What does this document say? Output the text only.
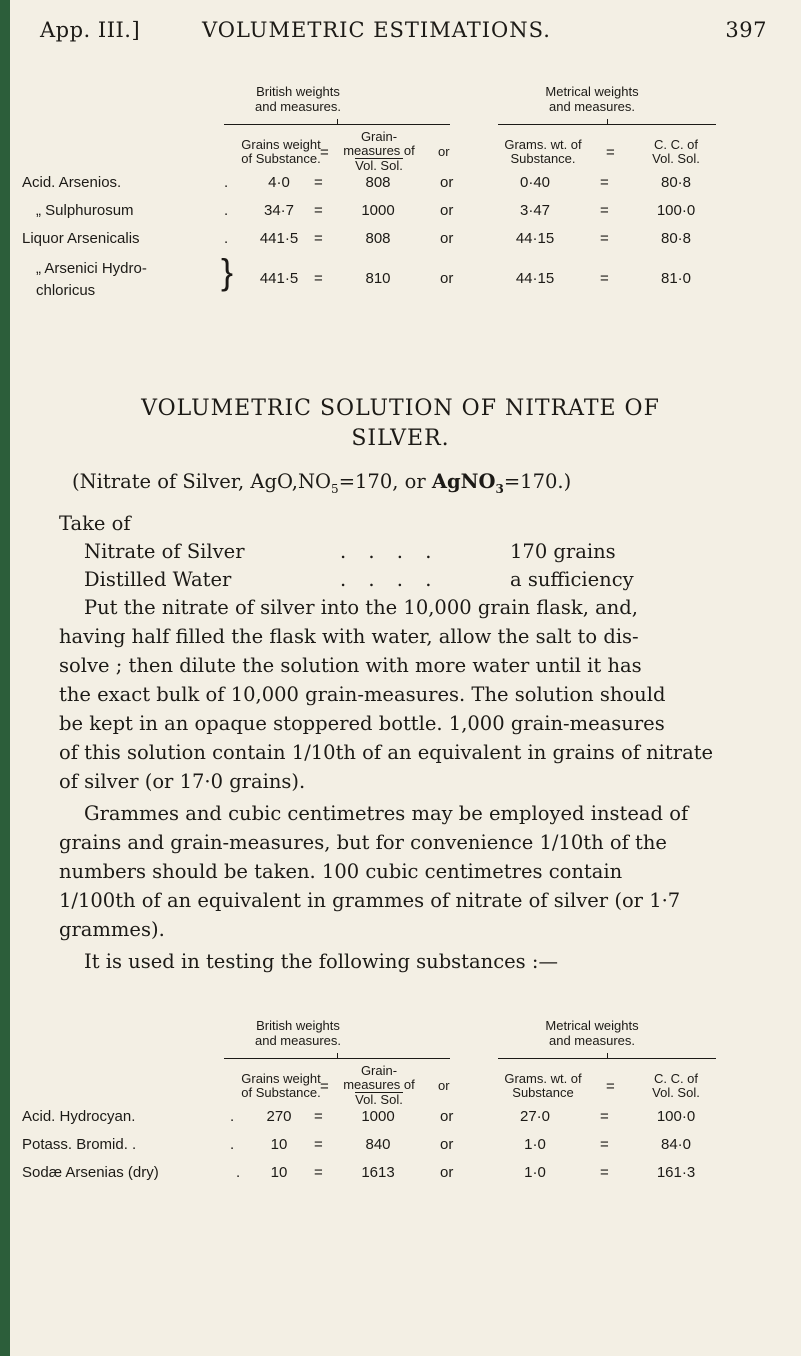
App. III.]	VOLUMETRIC ESTIMATIONS.	397
British weights
and measures.
Metrical weights
and measures.
Grains weight
of Substance. =
Grain-
measures of
Vol. Sol.
or	Grams. wt. of
Substance.	=	C. C. of
Vol. Sol.
Acid. Arsenios.	.	4·0	=	808	or	0·40	=	80·8
„ Sulphurosum	.	34·7	=	1000	or	3·47	=	100·0
Liquor Arsenicalis	.	441·5	=	808	or	44·15	=	80·8
„ Arsenici Hydro-
chloricus	}	441·5	=	810	or	44·15	=	81·0
VOLUMETRIC SOLUTION OF NITRATE OF
SILVER.
(Nitrate of Silver, $AgO,NO_5=170$, or AgNO$_3$=170.)
Take of
Nitrate of Silver	. . . .	170 grains
Distilled Water	. . . .	a sufficiency
Put the nitrate of silver into the 10,000 grain flask, and,
having half filled the flask with water, allow the salt to dis-
solve ; then dilute the solution with more water until it has
the exact bulk of 10,000 grain-measures. The solution should
be kept in an opaque stoppered bottle. 1,000 grain-measures
of this solution contain 1/10th of an equivalent in grains of nitrate
of silver (or 17·0 grains).
Grammes and cubic centimetres may be employed instead of
grains and grain-measures, but for convenience 1/10th of the
numbers should be taken. 100 cubic centimetres contain
1/100th of an equivalent in grammes of nitrate of silver (or 1·7
grammes).
It is used in testing the following substances :—
British weights
and measures.
Metrical weights
and measures.
Grains weight
of Substance. =
Grain-
measures of
Vol. Sol.
or	Grams. wt. of
Substance	=	C. C. of
Vol. Sol.
Acid. Hydrocyan.	.	270	=	1000	or	27·0	=	100·0
Potass. Bromid. .	.	10	=	840	or	1·0	=	84·0
Sodæ Arsenias (dry)	.	10	=	1613	or	1·0	=	161·3
